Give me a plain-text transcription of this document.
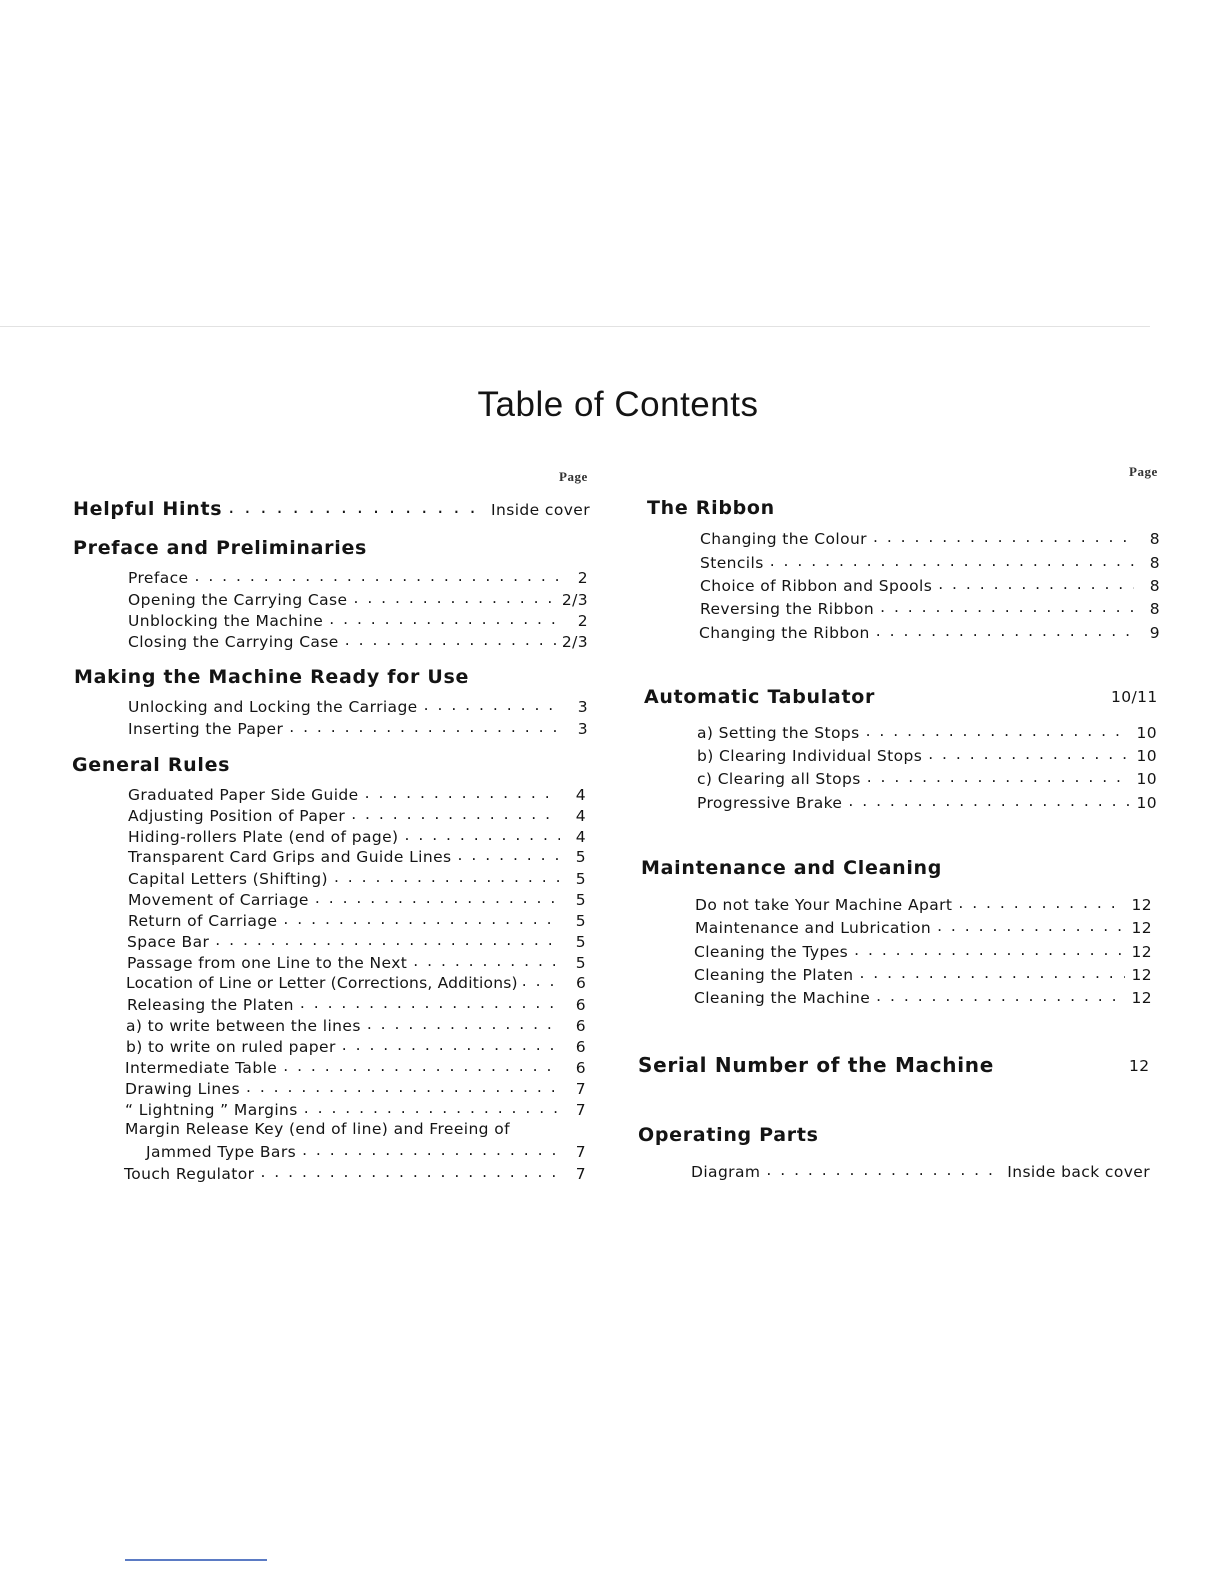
Table of Contents
Page	Page
Helpful Hints . . .	Inside cover
Preface and Preliminaries
Preface . . .	2
Opening the Carrying Case . . .	2/3
Unblocking the Machine . . .	2
Closing the Carrying Case . . .	2/3
Making the Machine Ready for Use
Unlocking and Locking the Carriage . . .	3
Inserting the Paper . . .	3
General Rules
Graduated Paper Side Guide . . .	4
Adjusting Position of Paper . . .	4
Hiding-rollers Plate (end of page) . . .	4
Transparent Card Grips and Guide Lines . . .	5
Capital Letters (Shifting) . . .	5
Movement of Carriage . . .	5
Return of Carriage . . .	5
Space Bar . . .	5
Passage from one Line to the Next . . .	5
Location of Line or Letter (Corrections, Additions) . . .	6
Releasing the Platen . . .	6
a) to write between the lines . . .	6
b) to write on ruled paper . . .	6
Intermediate Table . . .	6
Drawing Lines . . .	7
“ Lightning ” Margins . . .	7
Margin Release Key (end of line) and Freeing of
Jammed Type Bars . . .	7
Touch Regulator . . .	7
The Ribbon
Changing the Colour . . .	8
Stencils . . .	8
Choice of Ribbon and Spools . . .	8
Reversing the Ribbon . . .	8
Changing the Ribbon . . .	9
Automatic Tabulator	10/11
a) Setting the Stops . . .	10
b) Clearing Individual Stops . . .	10
c) Clearing all Stops . . .	10
Progressive Brake . . .	10
Maintenance and Cleaning
Do not take Your Machine Apart . . .	12
Maintenance and Lubrication . . .	12
Cleaning the Types . . .	12
Cleaning the Platen . . .	12
Cleaning the Machine . . .	12
Serial Number of the Machine	12
Operating Parts
Diagram . . .	Inside back cover
